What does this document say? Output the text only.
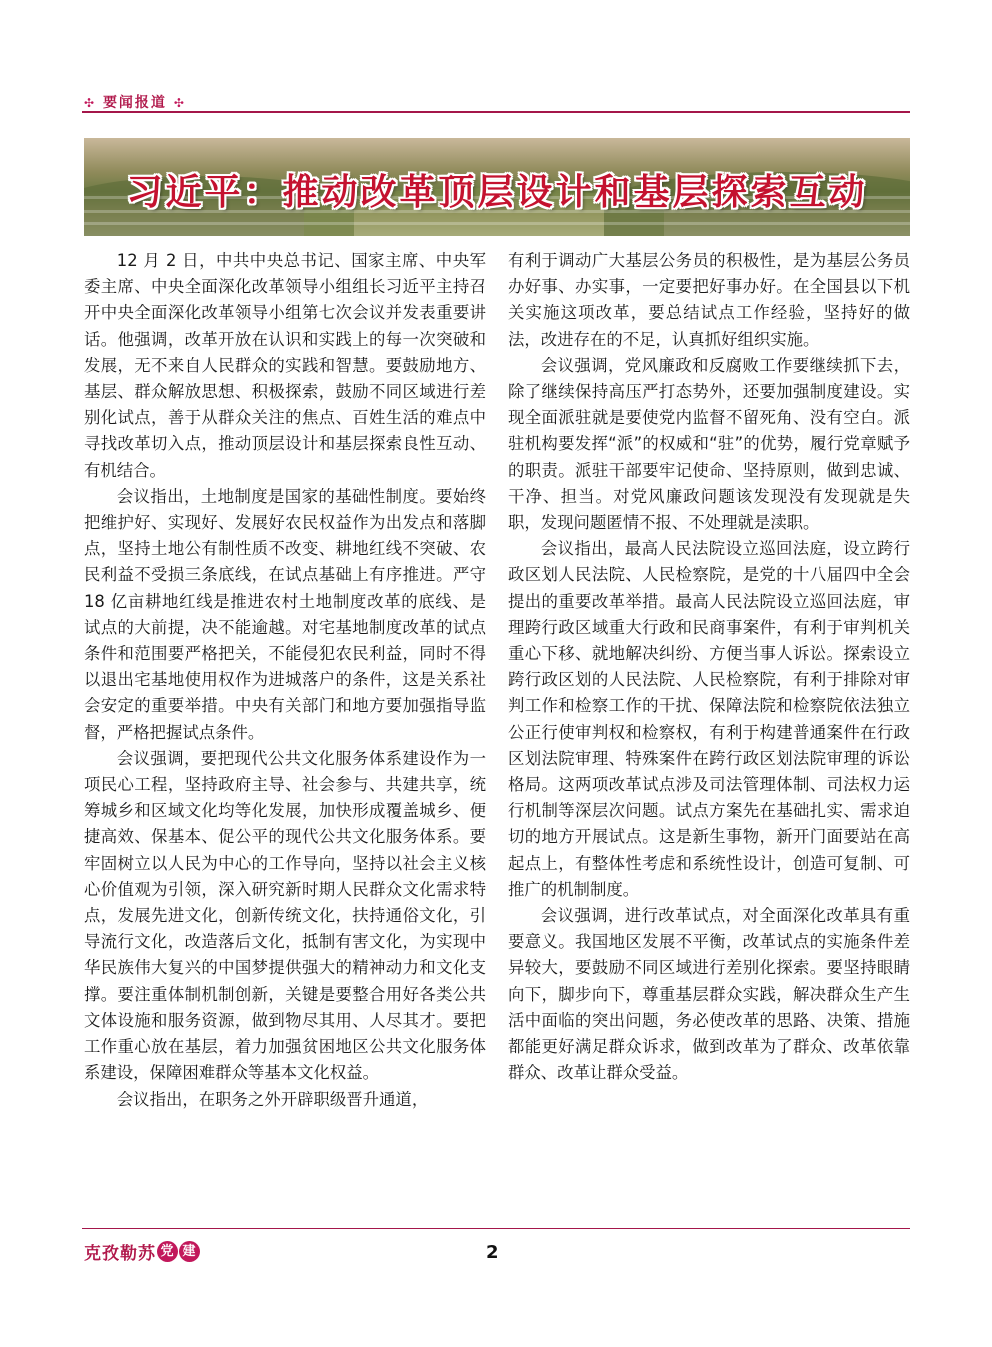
✣ 要闻报道 ✣
习近平：推动改革顶层设计和基层探索互动

12 月 2 日，中共中央总书记、国家主席、中央军委主席、中央全面深化改革领导小组组长习近平主持召开中央全面深化改革领导小组第七次会议并发表重要讲话。他强调，改革开放在认识和实践上的每一次突破和发展，无不来自人民群众的实践和智慧。要鼓励地方、基层、群众解放思想、积极探索，鼓励不同区域进行差别化试点，善于从群众关注的焦点、百姓生活的难点中寻找改革切入点，推动顶层设计和基层探索良性互动、有机结合。

会议指出，土地制度是国家的基础性制度。要始终把维护好、实现好、发展好农民权益作为出发点和落脚点，坚持土地公有制性质不改变、耕地红线不突破、农民利益不受损三条底线，在试点基础上有序推进。严守 18 亿亩耕地红线是推进农村土地制度改革的底线、是试点的大前提，决不能逾越。对宅基地制度改革的试点条件和范围要严格把关，不能侵犯农民利益，同时不得以退出宅基地使用权作为进城落户的条件，这是关系社会安定的重要举措。中央有关部门和地方要加强指导监督，严格把握试点条件。

会议强调，要把现代公共文化服务体系建设作为一项民心工程，坚持政府主导、社会参与、共建共享，统筹城乡和区域文化均等化发展，加快形成覆盖城乡、便捷高效、保基本、促公平的现代公共文化服务体系。要牢固树立以人民为中心的工作导向，坚持以社会主义核心价值观为引领，深入研究新时期人民群众文化需求特点，发展先进文化，创新传统文化，扶持通俗文化，引导流行文化，改造落后文化，抵制有害文化，为实现中华民族伟大复兴的中国梦提供强大的精神动力和文化支撑。要注重体制机制创新，关键是要整合用好各类公共文体设施和服务资源，做到物尽其用、人尽其才。要把工作重心放在基层，着力加强贫困地区公共文化服务体系建设，保障困难群众等基本文化权益。

会议指出，在职务之外开辟职级晋升通道，

有利于调动广大基层公务员的积极性，是为基层公务员办好事、办实事，一定要把好事办好。在全国县以下机关实施这项改革，要总结试点工作经验，坚持好的做法，改进存在的不足，认真抓好组织实施。

会议强调，党风廉政和反腐败工作要继续抓下去，除了继续保持高压严打态势外，还要加强制度建设。实现全面派驻就是要使党内监督不留死角、没有空白。派驻机构要发挥“派”的权威和“驻”的优势，履行党章赋予的职责。派驻干部要牢记使命、坚持原则，做到忠诚、干净、担当。对党风廉政问题该发现没有发现就是失职，发现问题匿情不报、不处理就是渎职。

会议指出，最高人民法院设立巡回法庭，设立跨行政区划人民法院、人民检察院，是党的十八届四中全会提出的重要改革举措。最高人民法院设立巡回法庭，审理跨行政区域重大行政和民商事案件，有利于审判机关重心下移、就地解决纠纷、方便当事人诉讼。探索设立跨行政区划的人民法院、人民检察院，有利于排除对审判工作和检察工作的干扰、保障法院和检察院依法独立公正行使审判权和检察权，有利于构建普通案件在行政区划法院审理、特殊案件在跨行政区划法院审理的诉讼格局。这两项改革试点涉及司法管理体制、司法权力运行机制等深层次问题。试点方案先在基础扎实、需求迫切的地方开展试点。这是新生事物，新开门面要站在高起点上，有整体性考虑和系统性设计，创造可复制、可推广的机制制度。

会议强调，进行改革试点，对全面深化改革具有重要意义。我国地区发展不平衡，改革试点的实施条件差异较大，要鼓励不同区域进行差别化探索。要坚持眼睛向下，脚步向下，尊重基层群众实践，解决群众生产生活中面临的突出问题，务必使改革的思路、决策、措施都能更好满足群众诉求，做到改革为了群众、改革依靠群众、改革让群众受益。

克孜勒苏 党 建	2
